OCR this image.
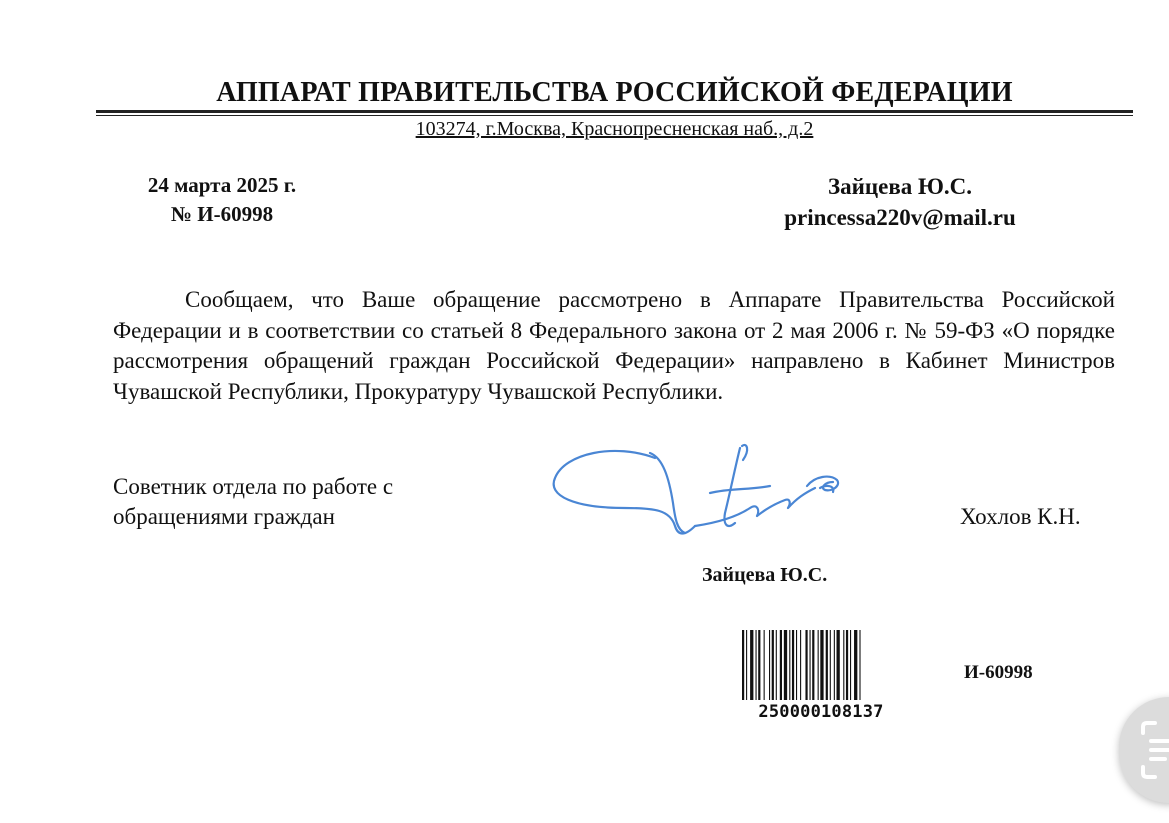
АППАРАТ ПРАВИТЕЛЬСТВА РОССИЙСКОЙ ФЕДЕРАЦИИ
103274, г.Москва, Краснопресненская наб., д.2
24 марта 2025 г.
№ И-60998
Зайцева Ю.С.
princessa220v@mail.ru
Сообщаем, что Ваше обращение рассмотрено в Аппарате Правительства Российской Федерации и в соответствии со статьей 8 Федерального закона от 2 мая 2006 г. № 59-ФЗ «О порядке рассмотрения обращений граждан Российской Федерации» направлено в Кабинет Министров Чувашской Республики, Прокуратуру Чувашской Республики.
Советник отдела по работе с
обращениями граждан	Хохлов К.Н.
Зайцева Ю.С.
250000108137
И-60998
